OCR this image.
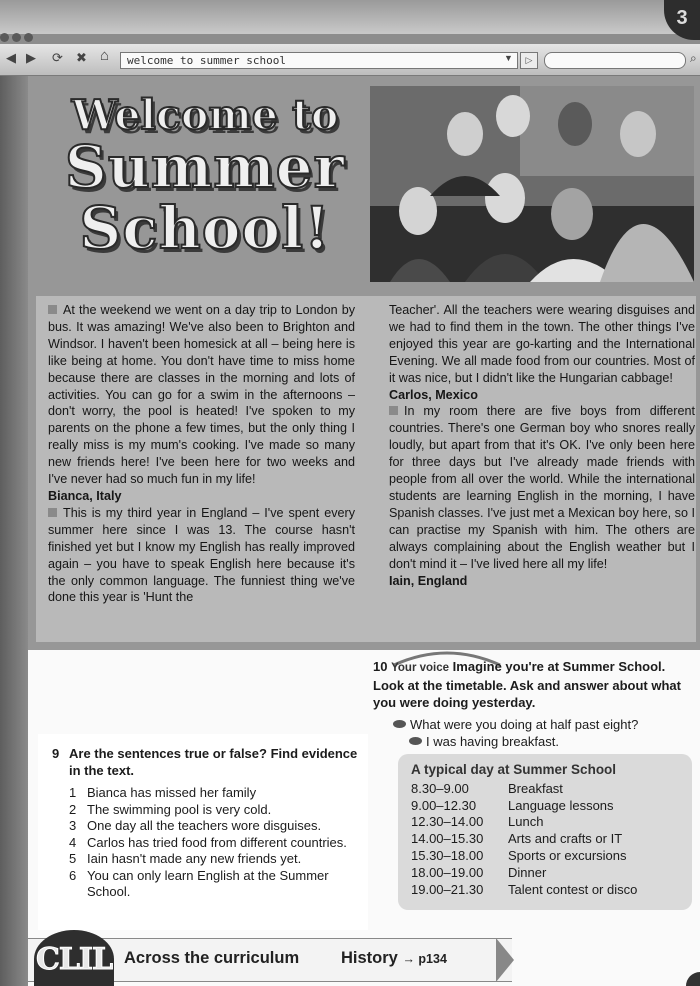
3
◀ ▶ ⟳ ✖ ⌂	welcome to summer school	▼	▷	⌕
Welcome to
Summer
School!

At the weekend we went on a day trip to London by bus. It was amazing! We've also been to Brighton and Windsor. I haven't been homesick at all – being here is like being at home. You don't have time to miss home because there are classes in the morning and lots of activities. You can go for a swim in the afternoons – don't worry, the pool is heated! I've spoken to my parents on the phone a few times, but the only thing I really miss is my mum's cooking. I've made so many new friends here! I've been here for two weeks and I've never had so much fun in my life!

Bianca, Italy

This is my third year in England – I've spent every summer here since I was 13. The course hasn't finished yet but I know my English has really improved again – you have to speak English here because it's the only common language. The funniest thing we've done this year is 'Hunt the

Teacher'. All the teachers were wearing disguises and we had to find them in the town. The other things I've enjoyed this year are go-karting and the International Evening. We all made food from our countries. Most of it was nice, but I didn't like the Hungarian cabbage!

Carlos, Mexico

In my room there are five boys from different countries. There's one German boy who snores really loudly, but apart from that it's OK. I've only been here for three days but I've already made friends with people from all over the world. While the international students are learning English in the morning, I have Spanish classes. I've just met a Mexican boy here, so I can practise my Spanish with him. The others are always complaining about the English weather but I don't mind it – I've lived here all my life!

Iain, England
9 Are the sentences true or false? Find evidence in the text.
1 Bianca has missed her family
2 The swimming pool is very cold.
3 One day all the teachers wore disguises.
4 Carlos has tried food from different countries.
5 Iain hasn't made any new friends yet.
6 You can only learn English at the Summer School.
10 Your voice Imagine you're at Summer School. Look at the timetable. Ask and answer about what you were doing yesterday.
What were you doing at half past eight?
I was having breakfast.
A typical day at Summer School
8.30–9.00	Breakfast
9.00–12.30	Language lessons
12.30–14.00	Lunch
14.00–15.30	Arts and crafts or IT
15.30–18.00	Sports or excursions
18.00–19.00	Dinner
19.00–21.30	Talent contest or disco
CLIL Across the curriculum	History → p134
